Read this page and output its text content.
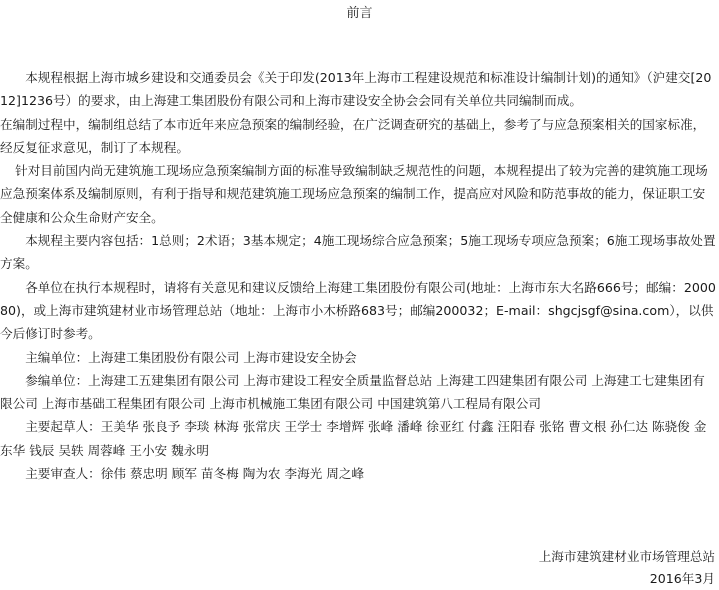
前言

本规程根据上海市城乡建设和交通委员会《关于印发(2013年上海市工程建设规范和标准设计编制计划)的通知》（沪建交[2012]1236号）的要求，由上海建工集团股份有限公司和上海市建设安全协会会同有关单位共同编制而成。

在编制过程中，编制组总结了本市近年来应急预案的编制经验，在广泛调查研究的基础上，参考了与应急预案相关的国家标准，经反复征求意见，制订了本规程。

针对目前国内尚无建筑施工现场应急预案编制方面的标准导致编制缺乏规范性的问题，本规程提出了较为完善的建筑施工现场应急预案体系及编制原则，有利于指导和规范建筑施工现场应急预案的编制工作，提高应对风险和防范事故的能力，保证职工安全健康和公众生命财产安全。

本规程主要内容包括：1总则；2术语；3基本规定；4施工现场综合应急预案；5施工现场专项应急预案；6施工现场事故处置方案。

各单位在执行本规程时，请将有关意见和建议反馈给上海建工集团股份有限公司(地址：上海市东大名路666号；邮编：200080)，或上海市建筑建材业市场管理总站（地址：上海市小木桥路683号；邮编200032；E-mail：shgcjsgf@sina.com），以供今后修订时参考。

主编单位：上海建工集团股份有限公司 上海市建设安全协会

参编单位：上海建工五建集团有限公司 上海市建设工程安全质量监督总站 上海建工四建集团有限公司 上海建工七建集团有限公司 上海市基础工程集团有限公司 上海市机械施工集团有限公司 中国建筑第八工程局有限公司

主要起草人：王美华 张良予 李琰 林海 张常庆 王学士 李增辉 张峰 潘峰 徐亚红 付鑫 汪阳春 张铭 曹文根 孙仁达 陈骁俊 金东华 钱辰 吴轶 周蓉峰 王小安 魏永明

主要审查人：徐伟 蔡忠明 顾军 苗冬梅 陶为农 李海光 周之峰

上海市建筑建材业市场管理总站
2016年3月
